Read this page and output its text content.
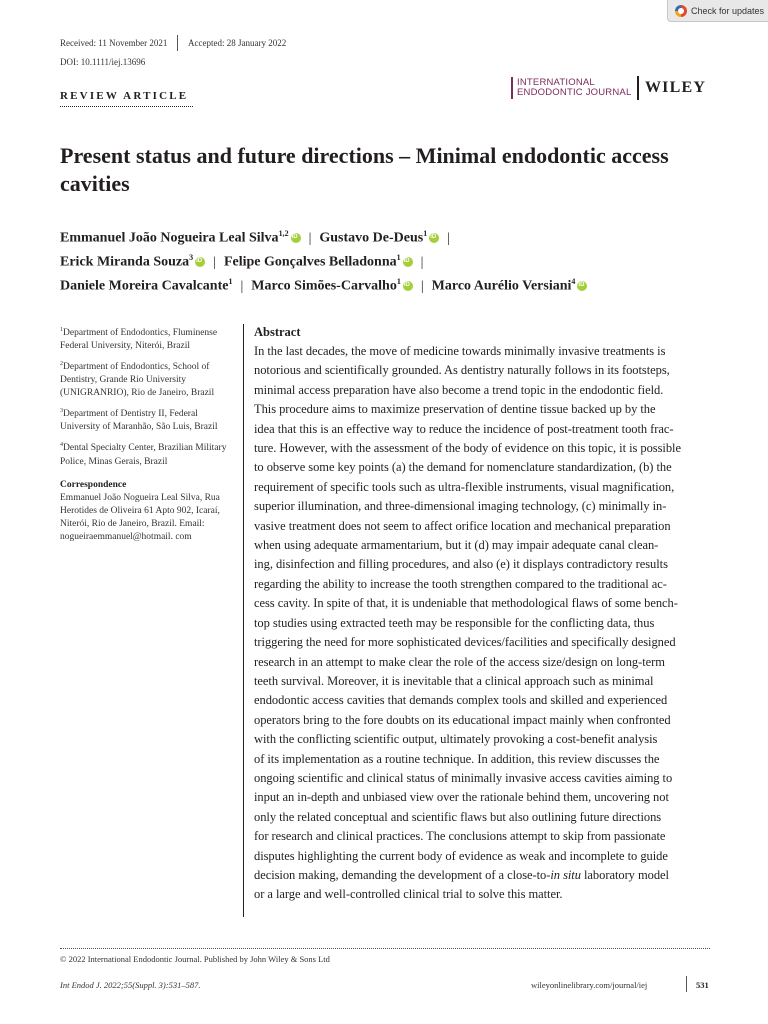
Check for updates
Received: 11 November 2021 Accepted: 28 January 2022
DOI: 10.1111/iej.13696
REVIEW ARTICLE
INTERNATIONAL
ENDODONTIC JOURNAL WILEY
Present status and future directions – Minimal endodontic access cavities
Emmanuel João Nogueira Leal Silva$^{1,2}$ iD | Gustavo De-Deus$^1$ iD |
Erick Miranda Souza$^3$ iD | Felipe Gonçalves Belladonna$^1$ iD |
Daniele Moreira Cavalcante$^1$ | Marco Simões-Carvalho$^1$ iD | Marco Aurélio Versiani$^4$iD

$^1$Department of Endodontics, Fluminense Federal University, Niterói, Brazil

$^2$Department of Endodontics, School of Dentistry, Grande Rio University (UNIGRANRIO), Rio de Janeiro, Brazil

$^3$Department of Dentistry II, Federal University of Maranhão, São Luis, Brazil

$^4$Dental Specialty Center, Brazilian Military Police, Minas Gerais, Brazil

Correspondence

Emmanuel João Nogueira Leal Silva, Rua Herotides de Oliveira 61 Apto 902, Icaraí, Niterói, Rio de Janeiro, Brazil. Email: nogueiraemmanuel@hotmail. com

Abstract
In the last decades, the move of medicine towards minimally invasive treatments is
notorious and scientifically grounded. As dentistry naturally follows in its footsteps,
minimal access preparation have also become a trend topic in the endodontic field.
This procedure aims to maximize preservation of dentine tissue backed up by the
idea that this is an effective way to reduce the incidence of post-treatment tooth frac-
ture. However, with the assessment of the body of evidence on this topic, it is possible
to observe some key points (a) the demand for nomenclature standardization, (b) the
requirement of specific tools such as ultra-flexible instruments, visual magnification,
superior illumination, and three-dimensional imaging technology, (c) minimally in-
vasive treatment does not seem to affect orifice location and mechanical preparation
when using adequate armamentarium, but it (d) may impair adequate canal clean-
ing, disinfection and filling procedures, and also (e) it displays contradictory results
regarding the ability to increase the tooth strengthen compared to the traditional ac-
cess cavity. In spite of that, it is undeniable that methodological flaws of some bench-
top studies using extracted teeth may be responsible for the conflicting data, thus
triggering the need for more sophisticated devices/facilities and specifically designed
research in an attempt to make clear the role of the access size/design on long-term
teeth survival. Moreover, it is inevitable that a clinical approach such as minimal
endodontic access cavities that demands complex tools and skilled and experienced
operators bring to the fore doubts on its educational impact mainly when confronted
with the conflicting scientific output, ultimately provoking a cost-benefit analysis
of its implementation as a routine technique. In addition, this review discusses the
ongoing scientific and clinical status of minimally invasive access cavities aiming to
input an in-depth and unbiased view over the rationale behind them, uncovering not
only the related conceptual and scientific flaws but also outlining future directions
for research and clinical practices. The conclusions attempt to skip from passionate
disputes highlighting the current body of evidence as weak and incomplete to guide
decision making, demanding the development of a close-to-in situ laboratory model
or a large and well-controlled clinical trial to solve this matter.
© 2022 International Endodontic Journal. Published by John Wiley & Sons Ltd
Int Endod J. 2022;55(Suppl. 3):531–587.	wileyonlinelibrary.com/journal/iej	531
